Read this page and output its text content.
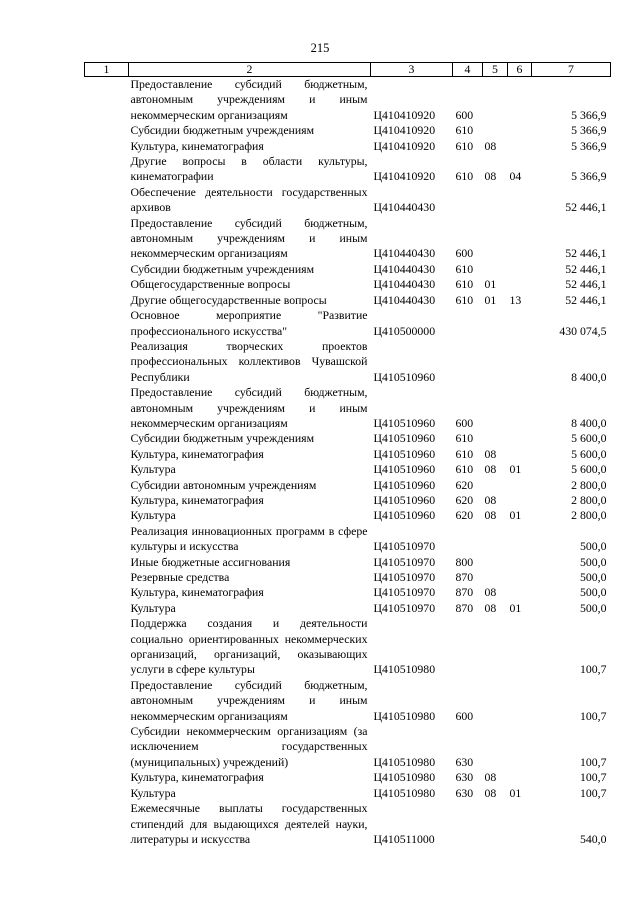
215
1	2	3	4	5	6	7
	Предоставление субсидий бюджетным, автономным учреждениям и иным некоммерческим организациям	Ц410410920	600			5 366,9
	Субсидии бюджетным учреждениям	Ц410410920	610			5 366,9
	Культура, кинематография	Ц410410920	610	08		5 366,9
	Другие вопросы в области культуры, кинематографии	Ц410410920	610	08	04	5 366,9
	Обеспечение деятельности государственных архивов	Ц410440430				52 446,1
	Предоставление субсидий бюджетным, автономным учреждениям и иным некоммерческим организациям	Ц410440430	600			52 446,1
	Субсидии бюджетным учреждениям	Ц410440430	610			52 446,1
	Общегосударственные вопросы	Ц410440430	610	01		52 446,1
	Другие общегосударственные вопросы	Ц410440430	610	01	13	52 446,1
	Основное мероприятие "Развитие профессионального искусства"	Ц410500000				430 074,5
	Реализация творческих проектов профессиональных коллективов Чувашской Республики	Ц410510960				8 400,0
	Предоставление субсидий бюджетным, автономным учреждениям и иным некоммерческим организациям	Ц410510960	600			8 400,0
	Субсидии бюджетным учреждениям	Ц410510960	610			5 600,0
	Культура, кинематография	Ц410510960	610	08		5 600,0
	Культура	Ц410510960	610	08	01	5 600,0
	Субсидии автономным учреждениям	Ц410510960	620			2 800,0
	Культура, кинематография	Ц410510960	620	08		2 800,0
	Культура	Ц410510960	620	08	01	2 800,0
	Реализация инновационных программ в сфере культуры и искусства	Ц410510970				500,0
	Иные бюджетные ассигнования	Ц410510970	800			500,0
	Резервные средства	Ц410510970	870			500,0
	Культура, кинематография	Ц410510970	870	08		500,0
	Культура	Ц410510970	870	08	01	500,0
	Поддержка создания и деятельности социально ориентированных некоммерческих организаций, организаций, оказывающих услуги в сфере культуры	Ц410510980				100,7
	Предоставление субсидий бюджетным, автономным учреждениям и иным некоммерческим организациям	Ц410510980	600			100,7
	Субсидии некоммерческим организациям (за исключением государственных (муниципальных) учреждений)	Ц410510980	630			100,7
	Культура, кинематография	Ц410510980	630	08		100,7
	Культура	Ц410510980	630	08	01	100,7
	Ежемесячные выплаты государственных стипендий для выдающихся деятелей науки, литературы и искусства	Ц410511000				540,0
